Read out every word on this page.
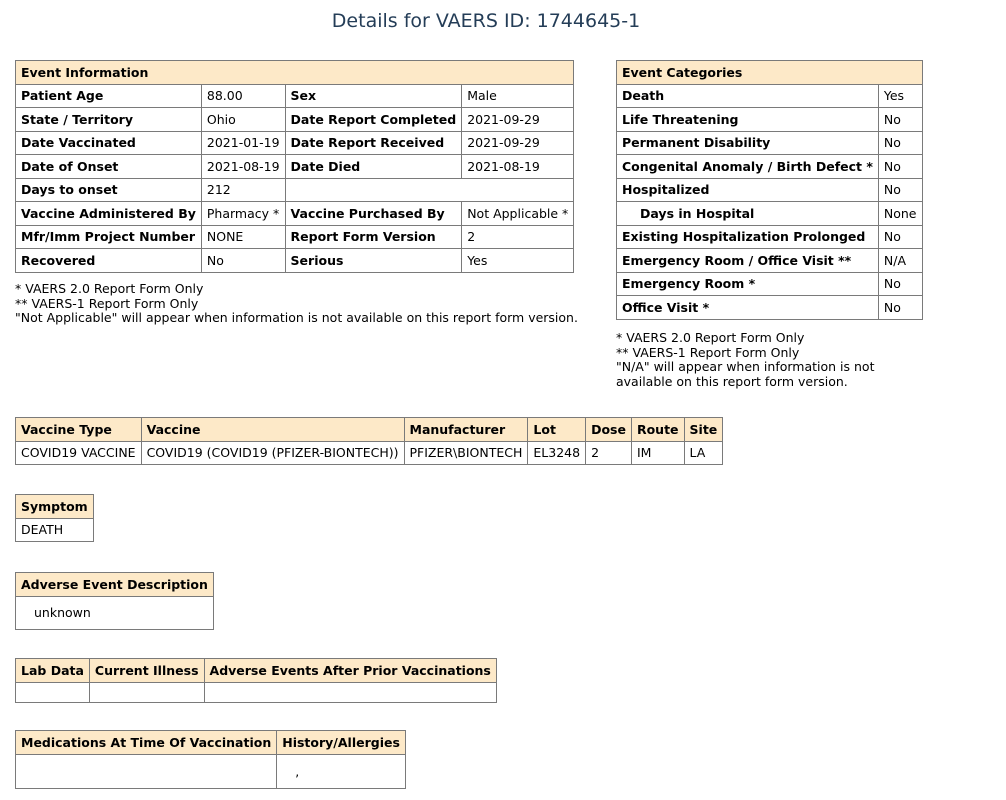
Details for VAERS ID: 1744645-1
Event Information			
Patient Age	88.00	Sex	Male
State / Territory	Ohio	Date Report Completed	2021-09-29
Date Vaccinated	2021-01-19	Date Report Received	2021-09-29
Date of Onset	2021-08-19	Date Died	2021-08-19
Days to onset	212		
Vaccine Administered By	Pharmacy *	Vaccine Purchased By	Not Applicable *
Mfr/Imm Project Number	NONE	Report Form Version	2
Recovered	No	Serious	Yes
* VAERS 2.0 Report Form Only
** VAERS-1 Report Form Only
"Not Applicable" will appear when information is not available on this report form version.
Event Categories	
Death	Yes
Life Threatening	No
Permanent Disability	No
Congenital Anomaly / Birth Defect *	No
Hospitalized	No
Days in Hospital	None
Existing Hospitalization Prolonged	No
Emergency Room / Office Visit **	N/A
Emergency Room *	No
Office Visit *	No
* VAERS 2.0 Report Form Only
** VAERS-1 Report Form Only
"N/A" will appear when information is not
available on this report form version.
Vaccine Type	Vaccine	Manufacturer	Lot	Dose	Route	Site
COVID19 VACCINE	COVID19 (COVID19 (PFIZER-BIONTECH))	PFIZER\BIONTECH	EL3248	2	IM	LA
Symptom
DEATH
Adverse Event Description
unknown
Lab Data	Current Illness	Adverse Events After Prior Vaccinations

Medications At Time Of Vaccination	History/Allergies
	,
